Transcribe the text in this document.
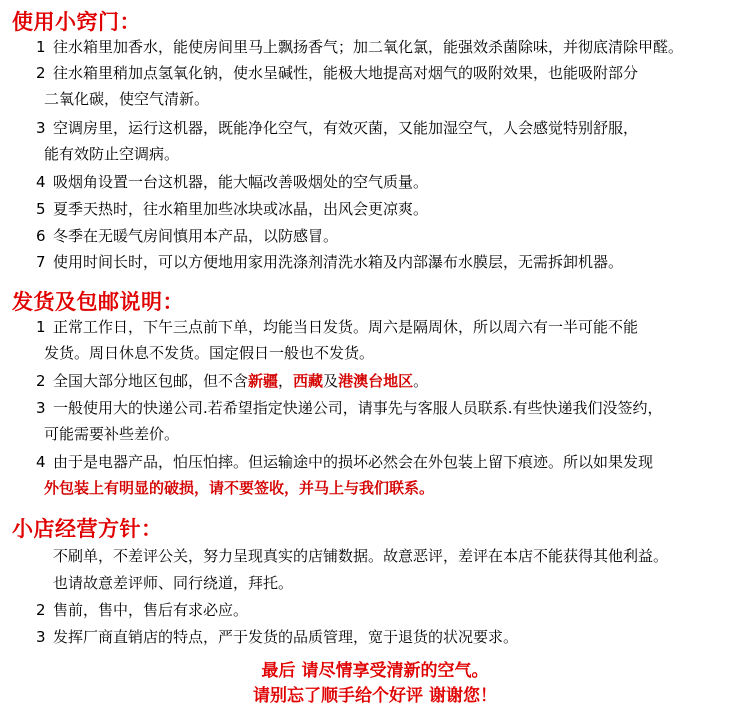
使用小窍门：
1 往水箱里加香水，能使房间里马上飘扬香气；加二氧化氯，能强效杀菌除味，并彻底清除甲醛。
2 往水箱里稍加点氢氧化钠，使水呈碱性，能极大地提高对烟气的吸附效果，也能吸附部分
二氧化碳，使空气清新。
3 空调房里，运行这机器，既能净化空气，有效灭菌，又能加湿空气，人会感觉特别舒服，
能有效防止空调病。
4 吸烟角设置一台这机器，能大幅改善吸烟处的空气质量。
5 夏季天热时，往水箱里加些冰块或冰晶，出风会更凉爽。
6 冬季在无暖气房间慎用本产品，以防感冒。
7 使用时间长时，可以方便地用家用洗涤剂清洗水箱及内部瀑布水膜层，无需拆卸机器。
发货及包邮说明：
1 正常工作日，下午三点前下单，均能当日发货。周六是隔周休，所以周六有一半可能不能
发货。周日休息不发货。国定假日一般也不发货。
2 全国大部分地区包邮，但不含新疆，西藏及港澳台地区。
3 一般使用大的快递公司.若希望指定快递公司，请事先与客服人员联系.有些快递我们没签约，
可能需要补些差价。
4 由于是电器产品，怕压怕摔。但运输途中的损坏必然会在外包装上留下痕迹。所以如果发现
外包装上有明显的破损，请不要签收，并马上与我们联系。
小店经营方针：
不刷单，不差评公关，努力呈现真实的店铺数据。故意恶评，差评在本店不能获得其他利益。
也请故意差评师、同行绕道，拜托。
2 售前，售中，售后有求必应。
3 发挥厂商直销店的特点，严于发货的品质管理，宽于退货的状况要求。
最后 请尽情享受清新的空气。
请别忘了顺手给个好评 谢谢您！
